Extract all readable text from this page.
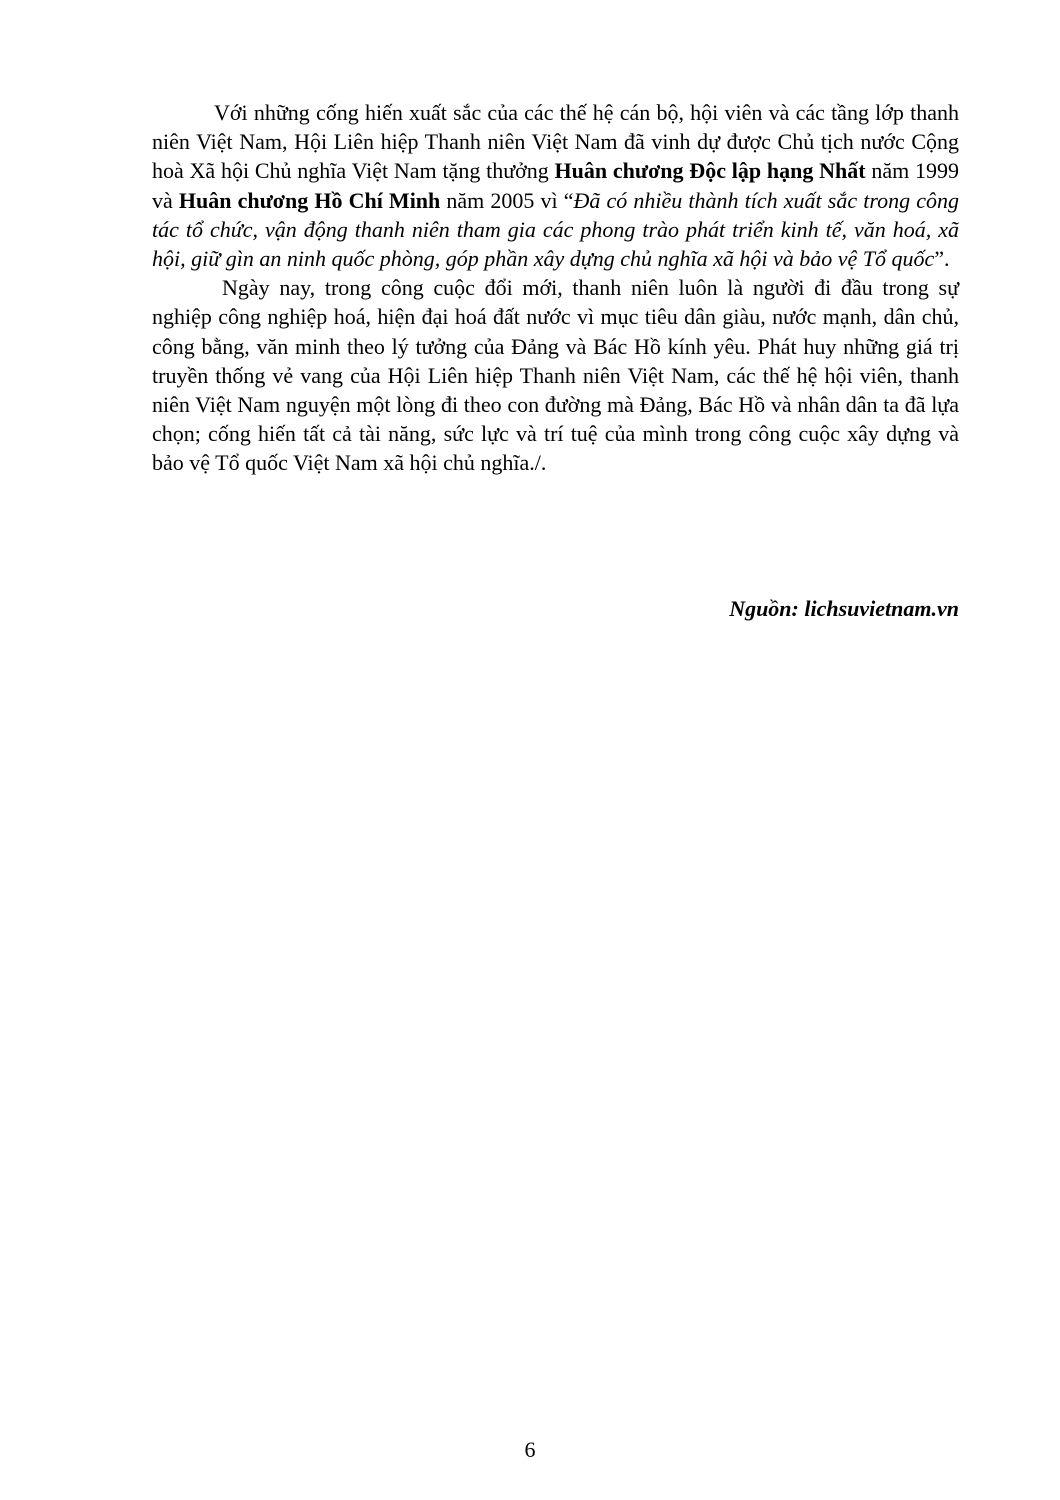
Với những cống hiến xuất sắc của các thế hệ cán bộ, hội viên và các tầng lớp thanh niên Việt Nam, Hội Liên hiệp Thanh niên Việt Nam đã vinh dự được Chủ tịch nước Cộng hoà Xã hội Chủ nghĩa Việt Nam tặng thưởng Huân chương Độc lập hạng Nhất năm 1999 và Huân chương Hồ Chí Minh năm 2005 vì “Đã có nhiều thành tích xuất sắc trong công tác tổ chức, vận động thanh niên tham gia các phong trào phát triển kinh tế, văn hoá, xã hội, giữ gìn an ninh quốc phòng, góp phần xây dựng chủ nghĩa xã hội và bảo vệ Tổ quốc”.

Ngày nay, trong công cuộc đổi mới, thanh niên luôn là người đi đầu trong sự nghiệp công nghiệp hoá, hiện đại hoá đất nước vì mục tiêu dân giàu, nước mạnh, dân chủ, công bằng, văn minh theo lý tưởng của Đảng và Bác Hồ kính yêu. Phát huy những giá trị truyền thống vẻ vang của Hội Liên hiệp Thanh niên Việt Nam, các thế hệ hội viên, thanh niên Việt Nam nguyện một lòng đi theo con đường mà Đảng, Bác Hồ và nhân dân ta đã lựa chọn; cống hiến tất cả tài năng, sức lực và trí tuệ của mình trong công cuộc xây dựng và bảo vệ Tổ quốc Việt Nam xã hội chủ nghĩa./.

Nguồn: lichsuvietnam.vn
6
